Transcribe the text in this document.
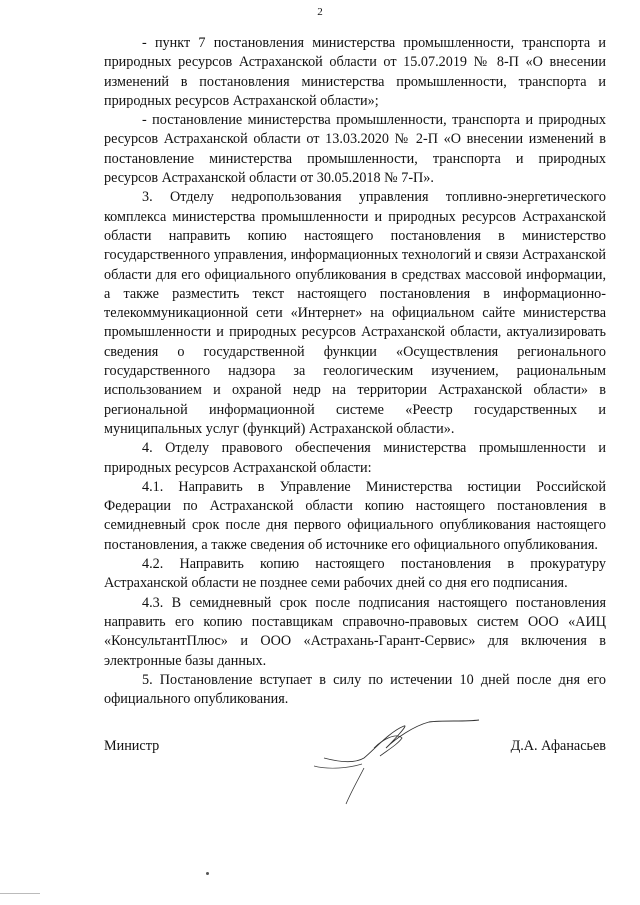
2

- пункт 7 постановления министерства промышленности, транспорта и природных ресурсов Астраханской области от 15.07.2019 № 8-П «О внесении изменений в постановления министерства промышленности, транспорта и природных ресурсов Астраханской области»;

- постановление министерства промышленности, транспорта и природных ресурсов Астраханской области от 13.03.2020 № 2-П «О внесении изменений в постановление министерства промышленности, транспорта и природных ресурсов Астраханской области от 30.05.2018 № 7-П».

3. Отделу недропользования управления топливно-энергетического комплекса министерства промышленности и природных ресурсов Астраханской области направить копию настоящего постановления в министерство государственного управления, информационных технологий и связи Астраханской области для его официального опубликования в средствах массовой информации, а также разместить текст настоящего постановления в информационно-телекоммуникационной сети «Интернет» на официальном сайте министерства промышленности и природных ресурсов Астраханской области, актуализировать сведения о государственной функции «Осуществления регионального государственного надзора за геологическим изучением, рациональным использованием и охраной недр на территории Астраханской области» в региональной информационной системе «Реестр государственных и муниципальных услуг (функций) Астраханской области».

4. Отделу правового обеспечения министерства промышленности и природных ресурсов Астраханской области:

4.1. Направить в Управление Министерства юстиции Российской Федерации по Астраханской области копию настоящего постановления в семидневный срок после дня первого официального опубликования настоящего постановления, а также сведения об источнике его официального опубликования.

4.2. Направить копию настоящего постановления в прокуратуру Астраханской области не позднее семи рабочих дней со дня его подписания.

4.3. В семидневный срок после подписания настоящего постановления направить его копию поставщикам справочно-правовых систем ООО «АИЦ «КонсультантПлюс» и ООО «Астрахань-Гарант-Сервис» для включения в электронные базы данных.

5. Постановление вступает в силу по истечении 10 дней после дня его официального опубликования.

Министр	Д.А. Афанасьев
